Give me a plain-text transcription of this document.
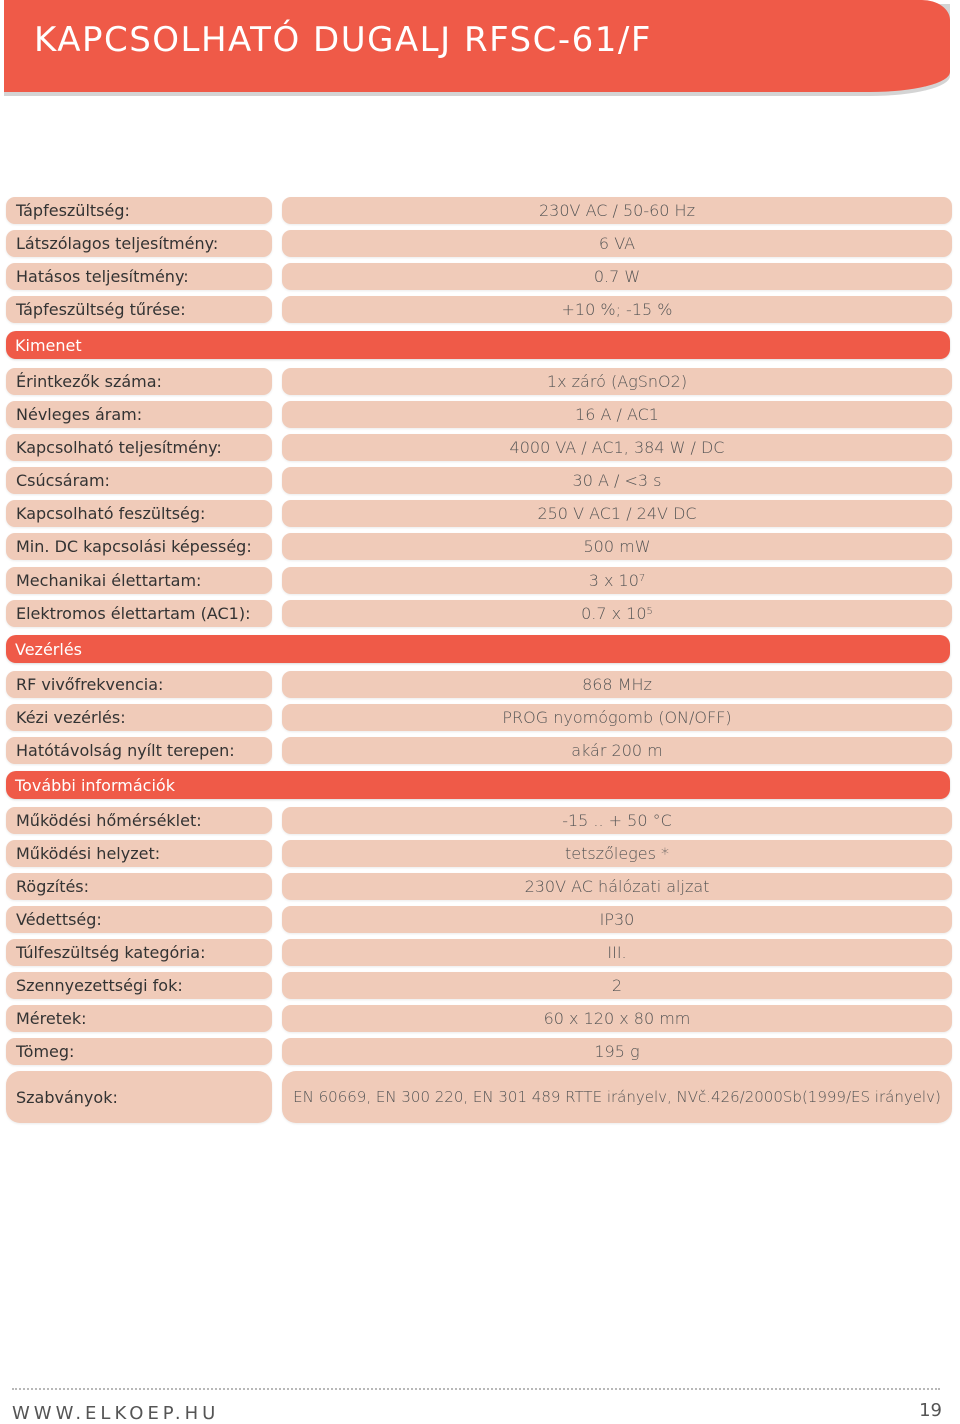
KAPCSOLHATÓ DUGALJ RFSC-61/F
Tápfeszültség:	230V AC / 50-60 Hz
Látszólagos teljesítmény:	6 VA
Hatásos teljesítmény:	0.7 W
Tápfeszültség tűrése:	+10 %; -15 %
Kimenet
Érintkezők száma:	1x záró (AgSnO2)
Névleges áram:	16 A / AC1
Kapcsolható teljesítmény:	4000 VA / AC1, 384 W / DC
Csúcsáram:	30 A / <3 s
Kapcsolható feszültség:	250 V AC1 / 24V DC
Min. DC kapcsolási képesség:	500 mW
Mechanikai élettartam:	3 x $10^7$
Elektromos élettartam (AC1):	0.7 x $10^5$
Vezérlés
RF vivőfrekvencia:	868 MHz
Kézi vezérlés:	PROG nyomógomb (ON/OFF)
Hatótávolság nyílt terepen:	akár 200 m
További információk
Működési hőmérséklet:	-15 .. + 50 °C
Működési helyzet:	tetszőleges *
Rögzítés:	230V AC hálózati aljzat
Védettség:	IP30
Túlfeszültség kategória:	III.
Szennyezettségi fok:	2
Méretek:	60 x 120 x 80 mm
Tömeg:	195 g
Szabványok:	EN 60669, EN 300 220, EN 301 489 RTTE irányelv, NVč.426/2000Sb(1999/ES irányelv)
WWW.ELKOEP.HU	19
